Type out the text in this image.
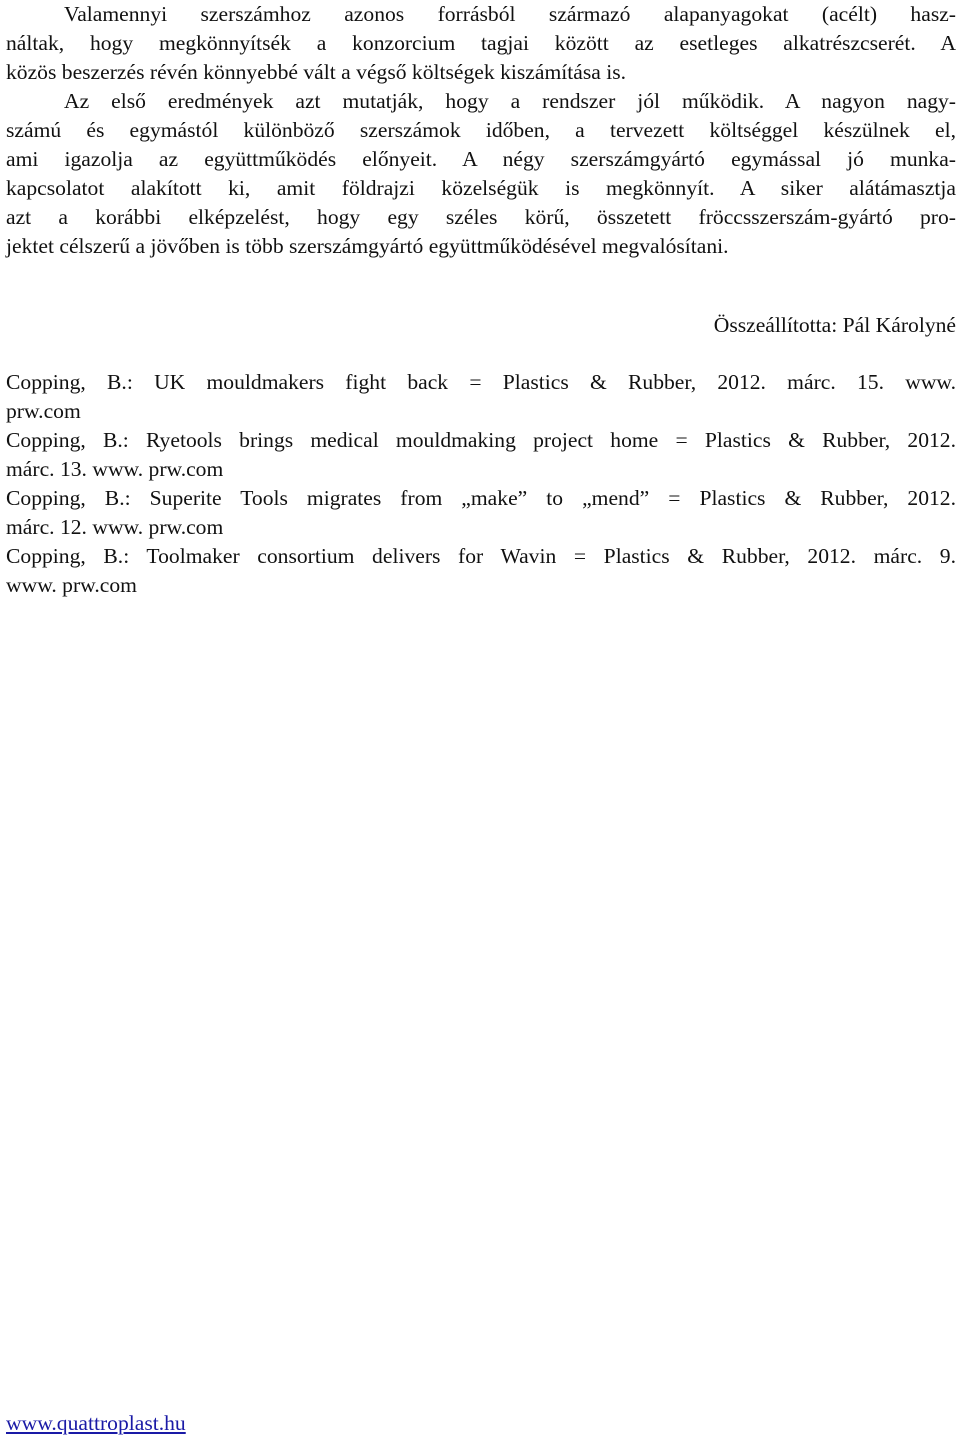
Valamennyi szerszámhoz azonos forrásból származó alapanyagokat (acélt) hasz-
náltak, hogy megkönnyítsék a konzorcium tagjai között az esetleges alkatrészcserét. A
közös beszerzés révén könnyebbé vált a végső költségek kiszámítása is.
Az első eredmények azt mutatják, hogy a rendszer jól működik. A nagyon nagy-
számú és egymástól különböző szerszámok időben, a tervezett költséggel készülnek el,
ami igazolja az együttműködés előnyeit. A négy szerszámgyártó egymással jó munka-
kapcsolatot alakított ki, amit földrajzi közelségük is megkönnyít. A siker alátámasztja
azt a korábbi elképzelést, hogy egy széles körű, összetett fröccsszerszám-gyártó pro-
jektet célszerű a jövőben is több szerszámgyártó együttműködésével megvalósítani.
Összeállította: Pál Károlyné
Copping, B.: UK mouldmakers fight back = Plastics & Rubber, 2012. márc. 15. www.
prw.com
Copping, B.: Ryetools brings medical mouldmaking project home = Plastics & Rubber, 2012.
márc. 13. www. prw.com
Copping, B.: Superite Tools migrates from „make” to „mend” = Plastics & Rubber, 2012.
márc. 12. www. prw.com
Copping, B.: Toolmaker consortium delivers for Wavin = Plastics & Rubber, 2012. márc. 9.
www. prw.com
www.quattroplast.hu
